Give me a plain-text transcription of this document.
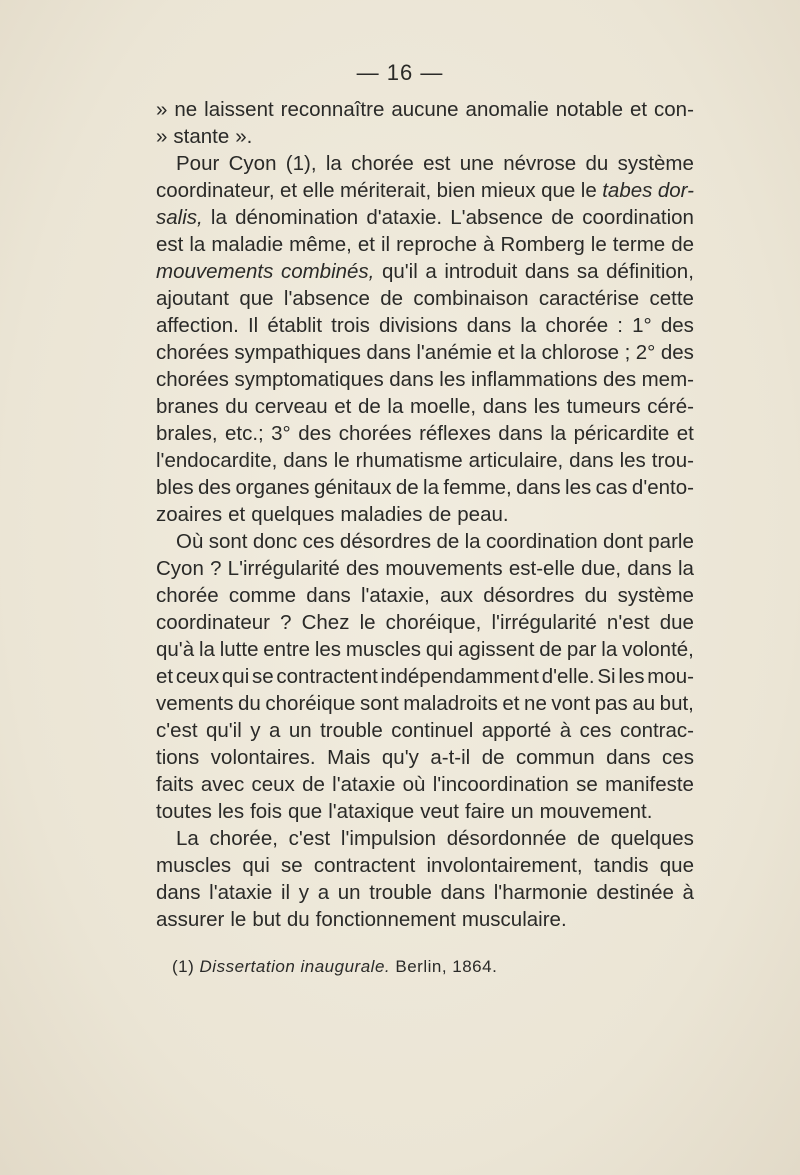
— 16 —
» ne laissent reconnaître aucune anomalie notable et con-
» stante ».
Pour Cyon (1), la chorée est une névrose du système
coordinateur, et elle mériterait, bien mieux que le tabes dor-
salis, la dénomination d'ataxie. L'absence de coordination
est la maladie même, et il reproche à Romberg le terme de
mouvements combinés, qu'il a introduit dans sa définition,
ajoutant que l'absence de combinaison caractérise cette
affection. Il établit trois divisions dans la chorée : 1° des
chorées sympathiques dans l'anémie et la chlorose ; 2° des
chorées symptomatiques dans les inflammations des mem-
branes du cerveau et de la moelle, dans les tumeurs céré-
brales, etc.; 3° des chorées réflexes dans la péricardite et
l'endocardite, dans le rhumatisme articulaire, dans les trou-
bles des organes génitaux de la femme, dans les cas d'ento-
zoaires et quelques maladies de peau.
Où sont donc ces désordres de la coordination dont parle
Cyon ? L'irrégularité des mouvements est-elle due, dans la
chorée comme dans l'ataxie, aux désordres du système
coordinateur ? Chez le choréique, l'irrégularité n'est due
qu'à la lutte entre les muscles qui agissent de par la volonté,
et ceux qui se contractent indépendamment d'elle. Si les mou-
vements du choréique sont maladroits et ne vont pas au but,
c'est qu'il y a un trouble continuel apporté à ces contrac-
tions volontaires. Mais qu'y a-t-il de commun dans ces
faits avec ceux de l'ataxie où l'incoordination se manifeste
toutes les fois que l'ataxique veut faire un mouvement.
La chorée, c'est l'impulsion désordonnée de quelques
muscles qui se contractent involontairement, tandis que
dans l'ataxie il y a un trouble dans l'harmonie destinée à
assurer le but du fonctionnement musculaire.
(1) Dissertation inaugurale. Berlin, 1864.
